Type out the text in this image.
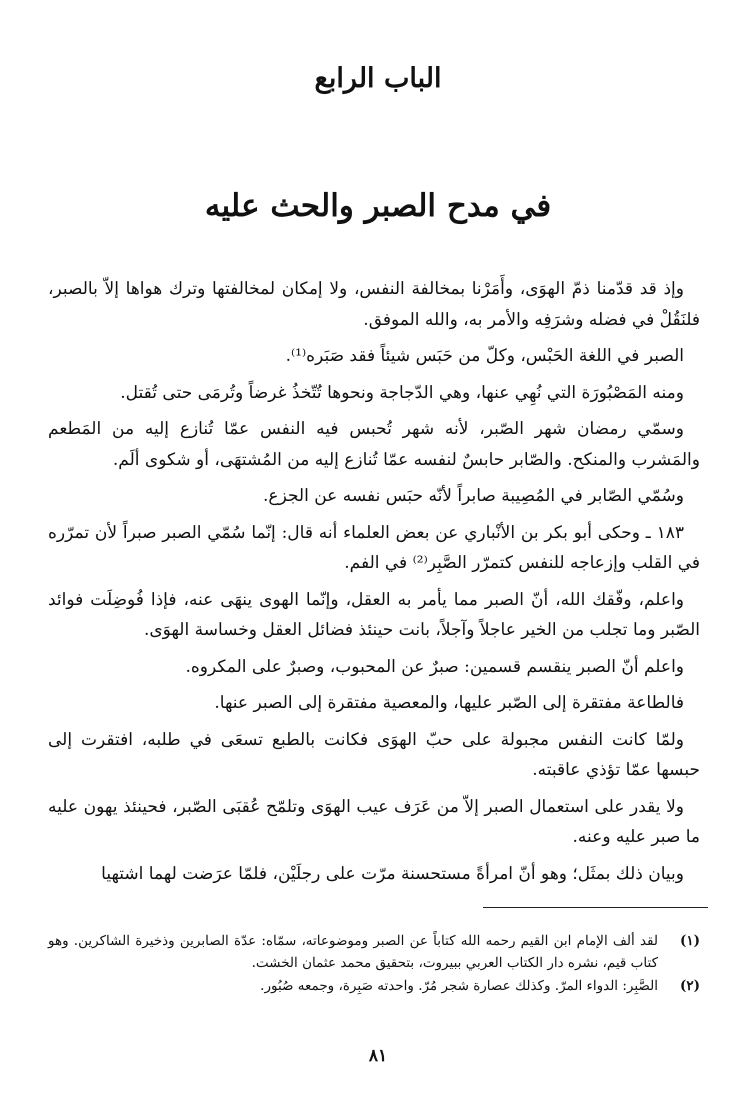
الباب الرابع
في مدح الصبر والحث عليه

وإذ قد قدّمنا ذمّ الهوَى، وأَمَرْنا بمخالفة النفس، ولا إمكان لمخالفتها وترك هواها إلاّ بالصبر، فلنَقُلْ في فضله وشرَفِه والأمر به، والله الموفق.

الصبر في اللغة الحَبْس، وكلّ من حَبَس شيئاً فقد صَبَره⁽¹⁾.

ومنه المَصْبُورَة التي نُهِي عنها، وهي الدّجاجة ونحوها تُتّخذُ غرضاً وتُرمَى حتى تُقتل.

وسمّي رمضان شهر الصّبر، لأنه شهر تُحبس فيه النفس عمّا تُنازع إليه من المَطعم والمَشرب والمنكح. والصّابر حابسٌ لنفسه عمّا تُنازع إليه من المُشتهَى، أو شكوى ألَم.

وسُمّي الصّابر في المُصِيبة صابراً لأنّه حبَس نفسه عن الجزع.

١٨٣ ـ وحكى أبو بكر بن الأنْباري عن بعض العلماء أنه قال: إنّما سُمّي الصبر صبراً لأن تمرّره في القلب وإزعاجه للنفس كتمرّر الصَّبِر⁽²⁾ في الفم.

واعلم، وفّقك الله، أنّ الصبر مما يأمر به العقل، وإنّما الهوى ينهَى عنه، فإذا فُوضِلَت فوائد الصّبر وما تجلب من الخير عاجلاً وآجلاً، بانت حينئذ فضائل العقل وخساسة الهوَى.

واعلم أنّ الصبر ينقسم قسمين: صبرٌ عن المحبوب، وصبرٌ على المكروه.

فالطاعة مفتقرة إلى الصّبر عليها، والمعصية مفتقرة إلى الصبر عنها.

ولمّا كانت النفس مجبولة على حبّ الهوَى فكانت بالطبع تسعَى في طلبه، افتقرت إلى حبسها عمّا تؤذي عاقبته.

ولا يقدر على استعمال الصبر إلاّ من عَرَف عيب الهوَى وتلمّح عُقبَى الصّبر، فحينئذ يهون عليه ما صبر عليه وعنه.

وبيان ذلك بمثَل؛ وهو أنّ امرأةً مستحسنة مرّت على رجلَيْن، فلمّا عرَضت لهما اشتهيا

(١)
لقد ألف الإمام ابن القيم رحمه الله كتاباً عن الصبر وموضوعاته، سمّاه: عدّة الصابرين وذخيرة الشاكرين. وهو كتاب قيم، نشره دار الكتاب العربي ببيروت، بتحقيق محمد عثمان الخشت.
(٢)
الصَّبِر: الدواء المرّ. وكذلك عصارة شجر مُرّ. واحدته صَبِرة، وجمعه صُبُور.
٨١
